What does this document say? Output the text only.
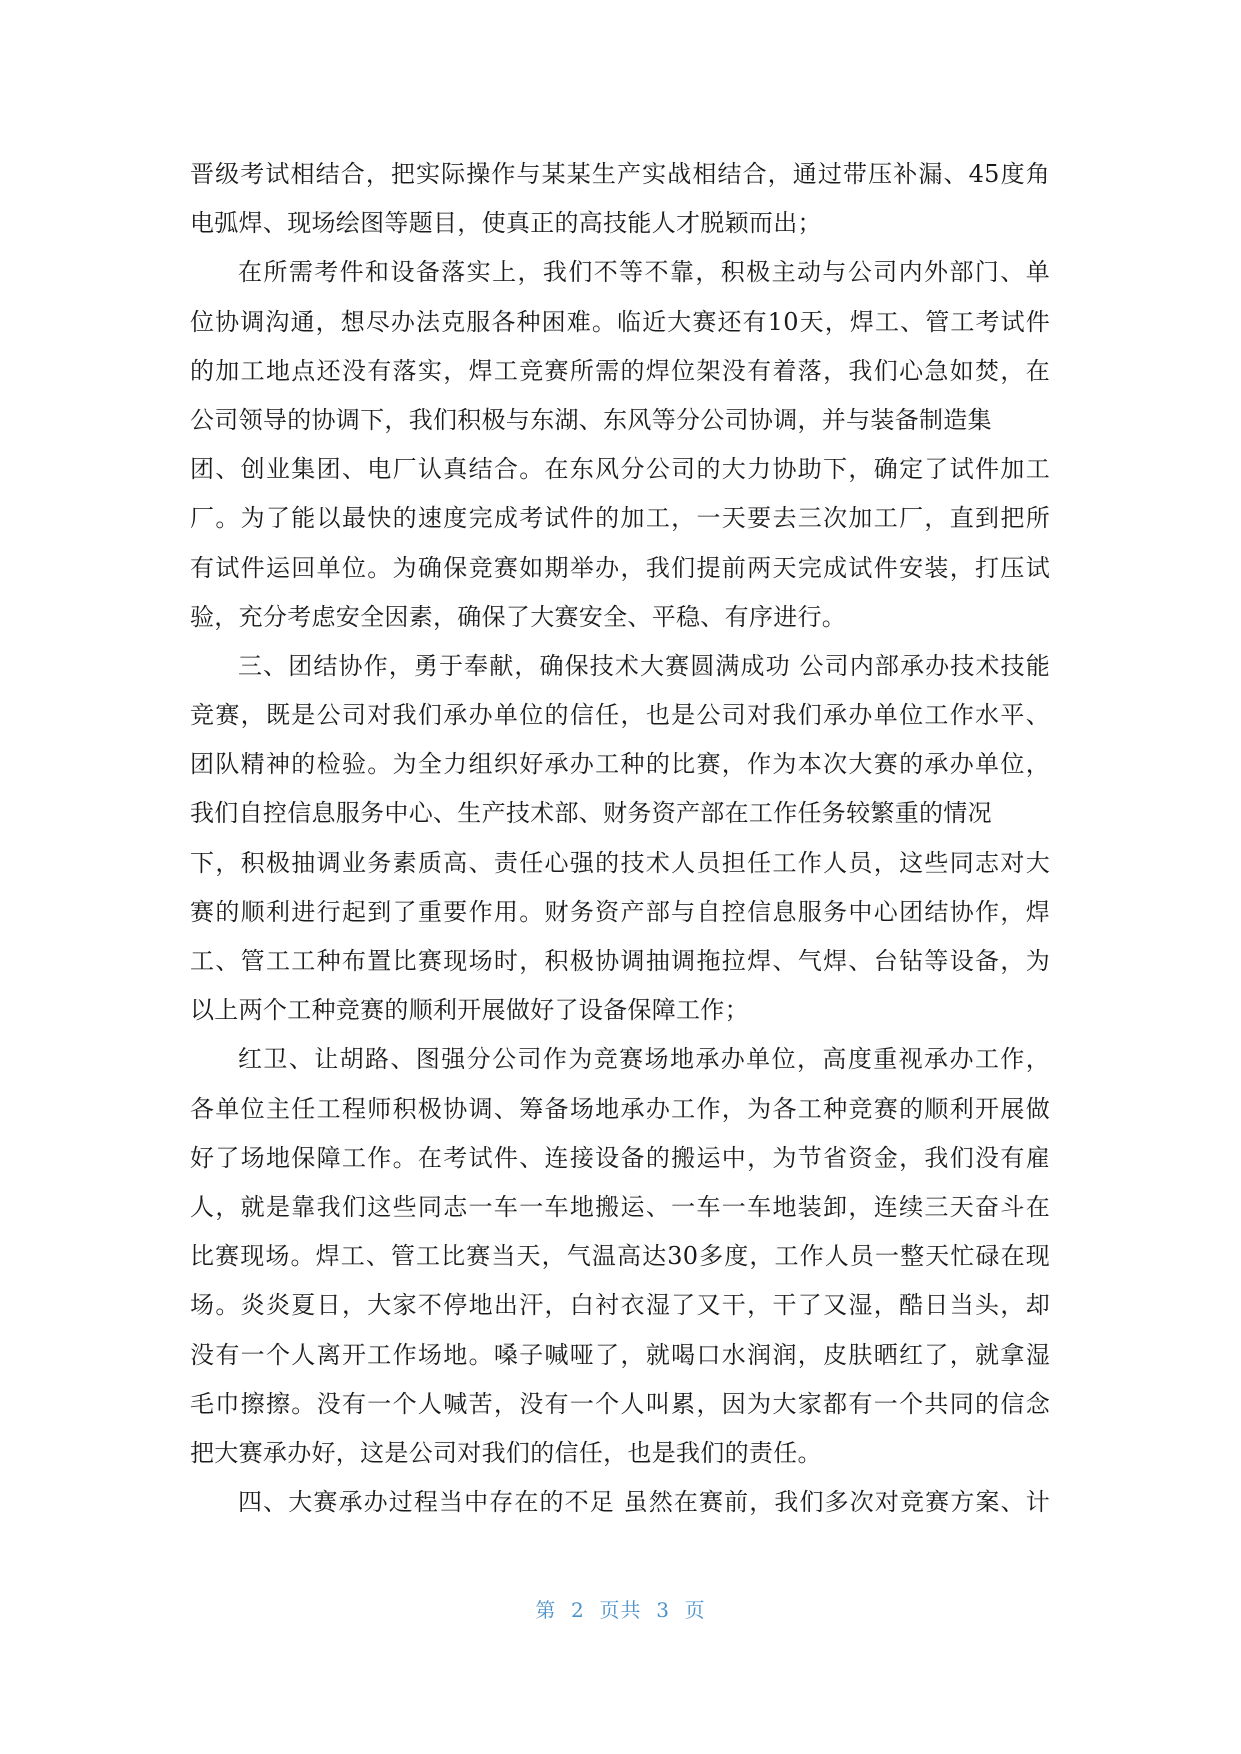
晋级考试相结合，把实际操作与某某生产实战相结合，通过带压补漏、45度角
电弧焊、现场绘图等题目，使真正的高技能人才脱颖而出；
在所需考件和设备落实上，我们不等不靠，积极主动与公司内外部门、单
位协调沟通，想尽办法克服各种困难。临近大赛还有10天，焊工、管工考试件
的加工地点还没有落实，焊工竞赛所需的焊位架没有着落，我们心急如焚，在
公司领导的协调下，我们积极与东湖、东风等分公司协调，并与装备制造集
团、创业集团、电厂认真结合。在东风分公司的大力协助下，确定了试件加工
厂。为了能以最快的速度完成考试件的加工，一天要去三次加工厂，直到把所
有试件运回单位。为确保竞赛如期举办，我们提前两天完成试件安装，打压试
验，充分考虑安全因素，确保了大赛安全、平稳、有序进行。
三、团结协作，勇于奉献，确保技术大赛圆满成功 公司内部承办技术技能
竞赛，既是公司对我们承办单位的信任，也是公司对我们承办单位工作水平、
团队精神的检验。为全力组织好承办工种的比赛，作为本次大赛的承办单位，
我们自控信息服务中心、生产技术部、财务资产部在工作任务较繁重的情况
下，积极抽调业务素质高、责任心强的技术人员担任工作人员，这些同志对大
赛的顺利进行起到了重要作用。财务资产部与自控信息服务中心团结协作，焊
工、管工工种布置比赛现场时，积极协调抽调拖拉焊、气焊、台钻等设备，为
以上两个工种竞赛的顺利开展做好了设备保障工作；
红卫、让胡路、图强分公司作为竞赛场地承办单位，高度重视承办工作，
各单位主任工程师积极协调、筹备场地承办工作，为各工种竞赛的顺利开展做
好了场地保障工作。在考试件、连接设备的搬运中，为节省资金，我们没有雇
人，就是靠我们这些同志一车一车地搬运、一车一车地装卸，连续三天奋斗在
比赛现场。焊工、管工比赛当天，气温高达30多度，工作人员一整天忙碌在现
场。炎炎夏日，大家不停地出汗，白衬衣湿了又干，干了又湿，酷日当头，却
没有一个人离开工作场地。嗓子喊哑了，就喝口水润润，皮肤晒红了，就拿湿
毛巾擦擦。没有一个人喊苦，没有一个人叫累，因为大家都有一个共同的信念
把大赛承办好，这是公司对我们的信任，也是我们的责任。
四、大赛承办过程当中存在的不足 虽然在赛前，我们多次对竞赛方案、计
第  2  页共  3  页
